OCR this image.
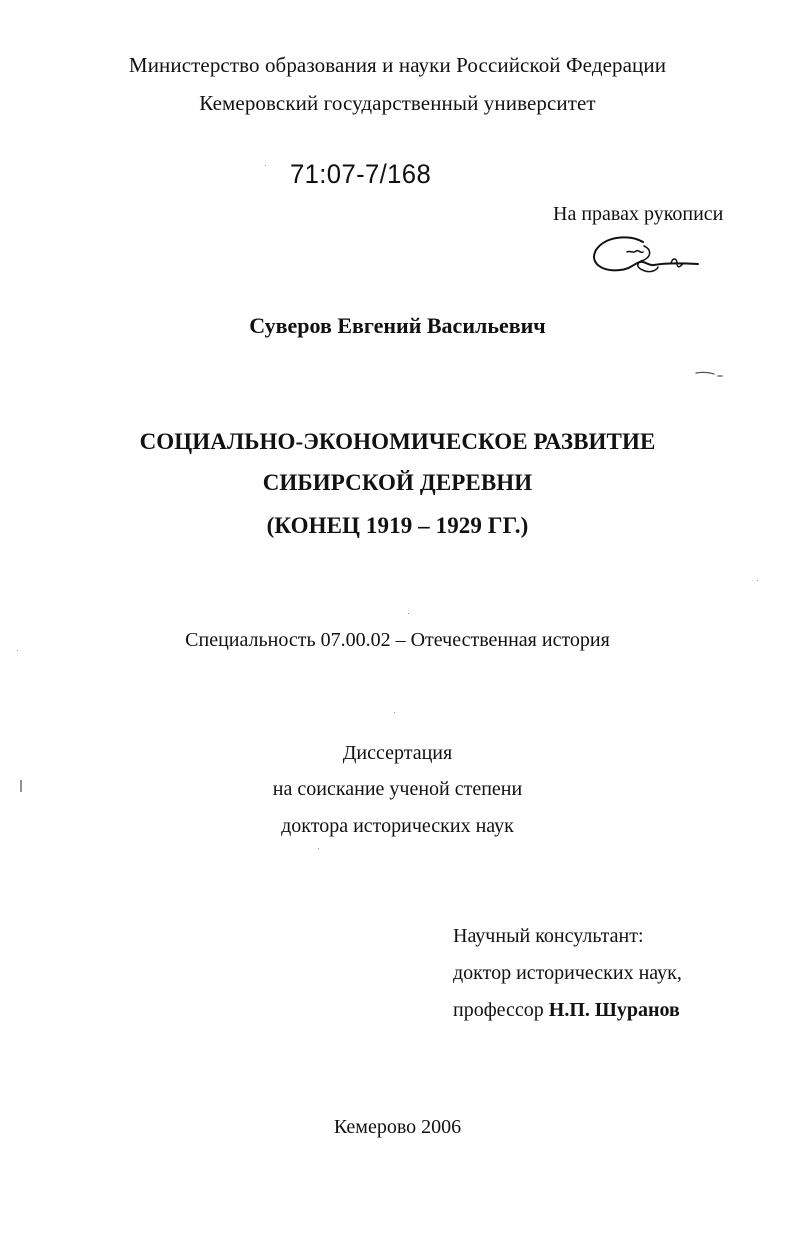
Министерство образования и науки Российской Федерации
Кемеровский государственный университет
71:07-7/168
На правах рукописи
Суверов Евгений Васильевич
СОЦИАЛЬНО-ЭКОНОМИЧЕСКОЕ РАЗВИТИЕ
СИБИРСКОЙ ДЕРЕВНИ
(КОНЕЦ 1919 – 1929 ГГ.)
Специальность 07.00.02 – Отечественная история
Диссертация
на соискание ученой степени
доктора исторических наук
Научный консультант:
доктор исторических наук,
профессор Н.П. Шуранов
Кемерово 2006
